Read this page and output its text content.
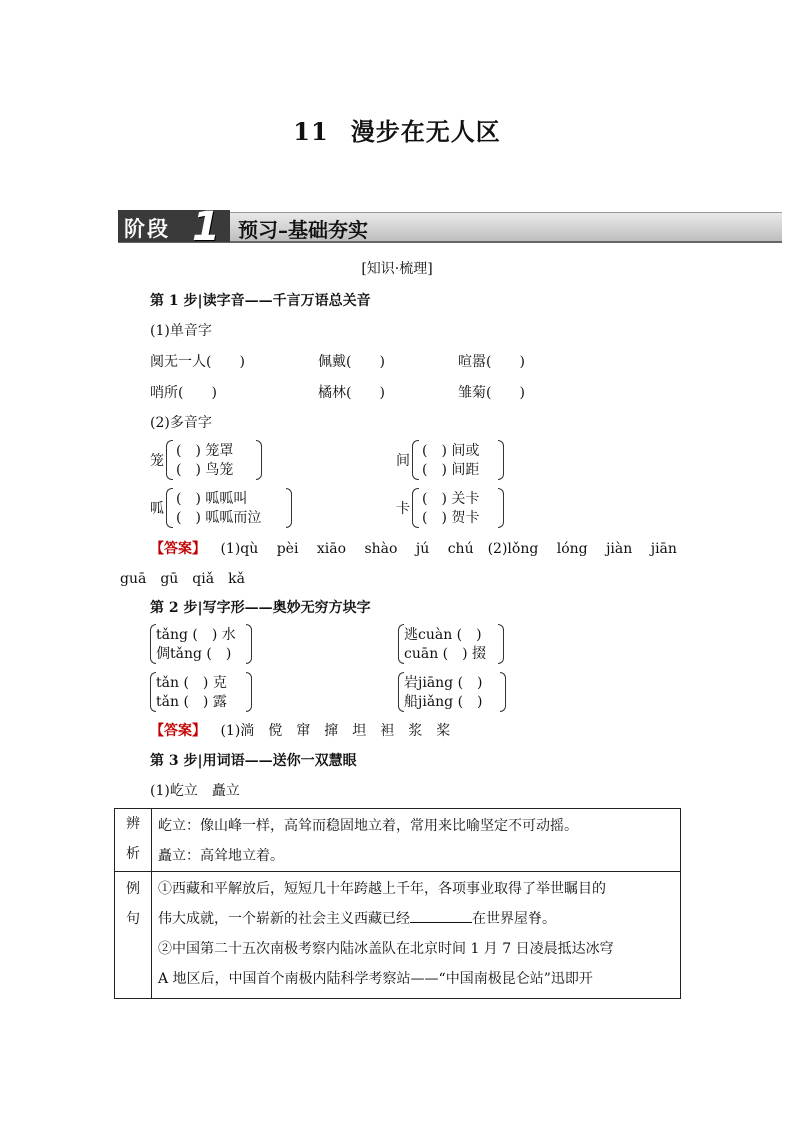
11 漫步在无人区
阶段 1 预习–基础夯实
[知识·梳理]
第 1 步|读字音——千言万语总关音
(1)单音字
阒无一人(　　)	佩戴(　　)	喧嚣(　　)
哨所(　　)	橘林(　　)	雏菊(　　)
(2)多音字
笼
(　) 笼罩
(　) 鸟笼
间
(　) 间或
(　) 间距
呱
(　) 呱呱叫
(　) 呱呱而泣
卡
(　) 关卡
(　) 贺卡
【答案】 (1)qù　 pèi　 xiāo　 shào　 jú　 chú　(2)lǒng　 lóng　 jiàn　 jiān
guā　gū　qiǎ　kǎ
第 2 步|写字形——奥妙无穷方块字
tǎng (　) 水
倜tǎng (　)
逃cuàn (　)
cuān (　) 掇
tǎn (　) 克
tǎn (　) 露
岩jiāng (　)
船jiǎng (　)
【答案】 (1)淌　傥　窜　撺　坦　袒　浆　桨
第 3 步|用词语——送你一双慧眼
(1)屹立　矗立
辨析	屹立：像山峰一样，高耸而稳固地立着，常用来比喻坚定不可动摇。
矗立：高耸地立着。

例句	①西藏和平解放后，短短几十年跨越上千年，各项事业取得了举世瞩目的
伟大成就，一个崭新的社会主义西藏已经 在世界屋脊。
②中国第二十五次南极考察内陆冰盖队在北京时间 1 月 7 日凌晨抵达冰穹
A 地区后，中国首个南极内陆科学考察站——“中国南极昆仑站”迅即开
